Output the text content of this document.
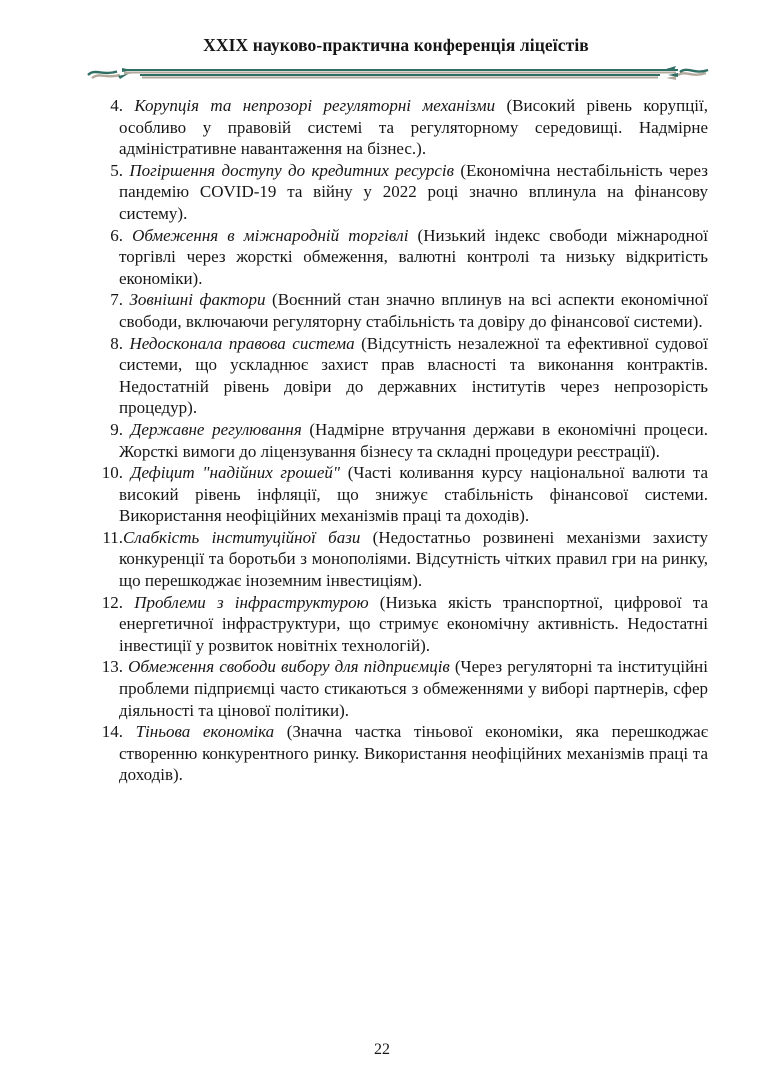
XXIX науково-практична конференція ліцеїстів

4. Корупція та непрозорі регуляторні механізми (Високий рівень корупції, особливо у правовій системі та регуляторному середовищі. Надмірне адміністративне навантаження на бізнес.).

5. Погіршення доступу до кредитних ресурсів (Економічна нестабільність через пандемію COVID-19 та війну у 2022 році значно вплинула на фінансову систему).

6. Обмеження в міжнародній торгівлі (Низький індекс свободи міжнародної торгівлі через жорсткі обмеження, валютні контролі та низьку відкритість економіки).

7. Зовнішні фактори (Воєнний стан значно вплинув на всі аспекти економічної свободи, включаючи регуляторну стабільність та довіру до фінансової системи).

8. Недосконала правова система (Відсутність незалежної та ефективної судової системи, що ускладнює захист прав власності та виконання контрактів. Недостатній рівень довіри до державних інститутів через непрозорість процедур).

9. Державне регулювання (Надмірне втручання держави в економічні процеси. Жорсткі вимоги до ліцензування бізнесу та складні процедури реєстрації).

10. Дефіцит "надійних грошей" (Часті коливання курсу національної валюти та високий рівень інфляції, що знижує стабільність фінансової системи. Використання неофіційних механізмів праці та доходів).

11.Слабкість інституційної бази (Недостатньо розвинені механізми захисту конкуренції та боротьби з монополіями. Відсутність чітких правил гри на ринку, що перешкоджає іноземним інвестиціям).

12. Проблеми з інфраструктурою (Низька якість транспортної, цифрової та енергетичної інфраструктури, що стримує економічну активність. Недостатні інвестиції у розвиток новітніх технологій).

13. Обмеження свободи вибору для підприємців (Через регуляторні та інституційні проблеми підприємці часто стикаються з обмеженнями у виборі партнерів, сфер діяльності та цінової політики).

14. Тіньова економіка (Значна частка тіньової економіки, яка перешкоджає створенню конкурентного ринку. Використання неофіційних механізмів праці та доходів).

22
